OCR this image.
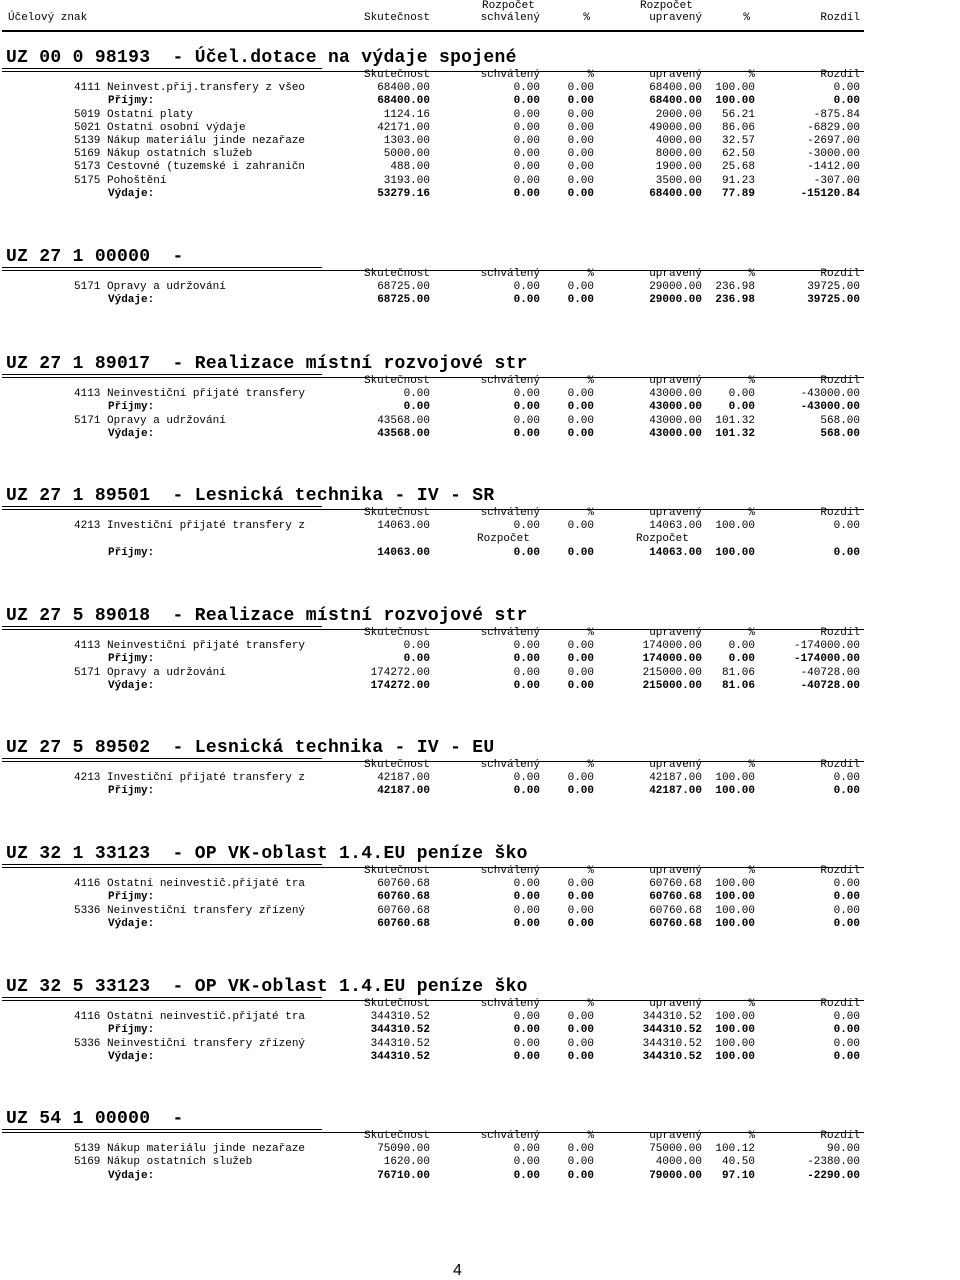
Účelový znak	Skutečnost
Rozpočet
schválený	%
Rozpočet
upravený	%	Rozdíl
UZ 00 0 98193  - Účel.dotace na výdaje spojené
Skutečnost	schválený	%	upravený	%	Rozdíl
4111 Neinvest.přij.transfery z všeo	68400.00	0.00	0.00	68400.00 100.00	0.00
Příjmy:	68400.00	0.00	0.00	68400.00 100.00	0.00
5019 Ostatní platy	1124.16	0.00	0.00	2000.00 56.21	-875.84
5021 Ostatní osobní výdaje	42171.00	0.00	0.00	49000.00 86.06	-6829.00
5139 Nákup materiálu jinde nezařaze	1303.00	0.00	0.00	4000.00 32.57	-2697.00
5169 Nákup ostatních služeb	5000.00	0.00	0.00	8000.00 62.50	-3000.00
5173 Cestovné (tuzemské i zahraničn	488.00	0.00	0.00	1900.00 25.68	-1412.00
5175 Pohoštění	3193.00	0.00	0.00	3500.00 91.23	-307.00
Výdaje:	53279.16	0.00	0.00	68400.00 77.89	-15120.84
UZ 27 1 00000  -
Skutečnost	schválený	%	upravený	%	Rozdíl
5171 Opravy a udržování	68725.00	0.00	0.00	29000.00 236.98	39725.00
Výdaje:	68725.00	0.00	0.00	29000.00 236.98	39725.00
UZ 27 1 89017  - Realizace místní rozvojové str
Skutečnost	schválený	%	upravený	%	Rozdíl
4113 Neinvestiční přijaté transfery	0.00	0.00	0.00	43000.00 0.00	-43000.00
Příjmy:	0.00	0.00	0.00	43000.00 0.00	-43000.00
5171 Opravy a udržování	43568.00	0.00	0.00	43000.00 101.32	568.00
Výdaje:	43568.00	0.00	0.00	43000.00 101.32	568.00
UZ 27 1 89501  - Lesnická technika - IV - SR
Skutečnost	schválený	%	upravený	%	Rozdíl
4213 Investiční přijaté transfery z	14063.00	0.00	0.00	14063.00 100.00	0.00
Rozpočet	Rozpočet
Příjmy:	14063.00	0.00	0.00	14063.00 100.00	0.00
UZ 27 5 89018  - Realizace místní rozvojové str
Skutečnost	schválený	%	upravený	%	Rozdíl
4113 Neinvestiční přijaté transfery	0.00	0.00	0.00	174000.00 0.00	-174000.00
Příjmy:	0.00	0.00	0.00	174000.00 0.00	-174000.00
5171 Opravy a udržování	174272.00	0.00	0.00	215000.00 81.06	-40728.00
Výdaje:	174272.00	0.00	0.00	215000.00 81.06	-40728.00
UZ 27 5 89502  - Lesnická technika - IV - EU
Skutečnost	schválený	%	upravený	%	Rozdíl
4213 Investiční přijaté transfery z	42187.00	0.00	0.00	42187.00 100.00	0.00
Příjmy:	42187.00	0.00	0.00	42187.00 100.00	0.00
UZ 32 1 33123  - OP VK-oblast 1.4.EU peníze ško
Skutečnost	schválený	%	upravený	%	Rozdíl
4116 Ostatní neinvestič.přijaté tra	60760.68	0.00	0.00	60760.68 100.00	0.00
Příjmy:	60760.68	0.00	0.00	60760.68 100.00	0.00
5336 Neinvestiční transfery zřízený	60760.68	0.00	0.00	60760.68 100.00	0.00
Výdaje:	60760.68	0.00	0.00	60760.68 100.00	0.00
UZ 32 5 33123  - OP VK-oblast 1.4.EU peníze ško
Skutečnost	schválený	%	upravený	%	Rozdíl
4116 Ostatní neinvestič.přijaté tra	344310.52	0.00	0.00	344310.52 100.00	0.00
Příjmy:	344310.52	0.00	0.00	344310.52 100.00	0.00
5336 Neinvestiční transfery zřízený	344310.52	0.00	0.00	344310.52 100.00	0.00
Výdaje:	344310.52	0.00	0.00	344310.52 100.00	0.00
UZ 54 1 00000  -
Skutečnost	schválený	%	upravený	%	Rozdíl
5139 Nákup materiálu jinde nezařaze	75090.00	0.00	0.00	75000.00 100.12	90.00
5169 Nákup ostatních služeb	1620.00	0.00	0.00	4000.00 40.50	-2380.00
Výdaje:	76710.00	0.00	0.00	79000.00 97.10	-2290.00
4
